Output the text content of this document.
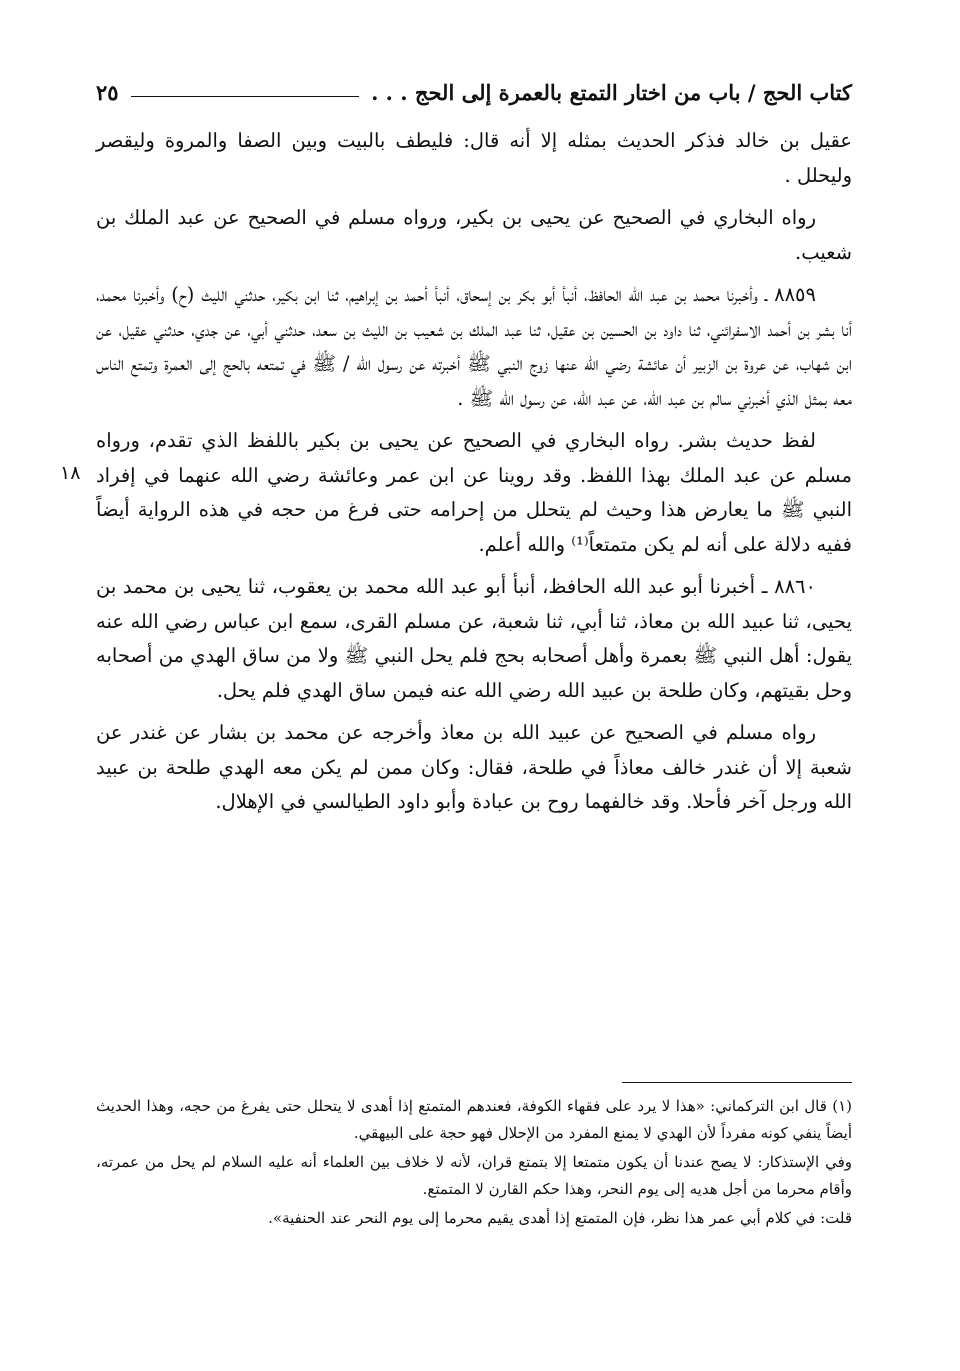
كتاب الحج / باب من اختار التمتع بالعمرة إلى الحج . . .
٢٥
١٨

عقيل بن خالد فذكر الحديث بمثله إلا أنه قال: فليطف بالبيت وبين الصفا والمروة وليقصر وليحلل .

رواه البخاري في الصحيح عن يحيى بن بكير، ورواه مسلم في الصحيح عن عبد الملك بن شعيب.

٨٨٥٩ ـ وأخبرنا محمد بن عبد الله الحافظ، أنبأ أبو بكر بن إسحاق، أنبأ أحمد بن إبراهيم، ثنا ابن بكير، حدثني الليث (ح) وأخبرنا محمد، أنا بشر بن أحمد الاسفرائني، ثنا داود بن الحسين بن عقيل، ثنا عبد الملك بن شعيب بن الليث بن سعد، حدثني أبي، عن جدي، حدثني عقيل، عن ابن شهاب، عن عروة بن الزبير أن عائشة رضي الله عنها زوج النبي ﷺ أخبرته عن رسول الله / ﷺ في تمتعه بالحج إلى العمرة وتمتع الناس معه بمثل الذي أخبرني سالم بن عبد الله، عن عبد الله، عن رسول الله ﷺ .

لفظ حديث بشر. رواه البخاري في الصحيح عن يحيى بن بكير باللفظ الذي تقدم، ورواه مسلم عن عبد الملك بهذا اللفظ. وقد روينا عن ابن عمر وعائشة رضي الله عنهما في إفراد النبي ﷺ ما يعارض هذا وحيث لم يتحلل من إحرامه حتى فرغ من حجه في هذه الرواية أيضاً ففيه دلالة على أنه لم يكن متمتعاً⁽¹⁾ والله أعلم.

٨٨٦٠ ـ أخبرنا أبو عبد الله الحافظ، أنبأ أبو عبد الله محمد بن يعقوب، ثنا يحيى بن محمد بن يحيى، ثنا عبيد الله بن معاذ، ثنا أبي، ثنا شعبة، عن مسلم القرى، سمع ابن عباس رضي الله عنه يقول: أهل النبي ﷺ بعمرة وأهل أصحابه بحج فلم يحل النبي ﷺ ولا من ساق الهدي من أصحابه وحل بقيتهم، وكان طلحة بن عبيد الله رضي الله عنه فيمن ساق الهدي فلم يحل.

رواه مسلم في الصحيح عن عبيد الله بن معاذ وأخرجه عن محمد بن بشار عن غندر عن شعبة إلا أن غندر خالف معاذاً في طلحة، فقال: وكان ممن لم يكن معه الهدي طلحة بن عبيد الله ورجل آخر فأحلا. وقد خالفهما روح بن عبادة وأبو داود الطيالسي في الإهلال.

(١) قال ابن التركماني: «هذا لا يرد على فقهاء الكوفة، فعندهم المتمتع إذا أهدى لا يتحلل حتى يفرغ من حجه، وهذا الحديث أيضاً ينفي كونه مفرداً لأن الهدي لا يمنع المفرد من الإحلال فهو حجة على البيهقي.

وفي الإستذكار: لا يصح عندنا أن يكون متمتعا إلا بتمتع قران، لأنه لا خلاف بين العلماء أنه عليه السلام لم يحل من عمرته، وأقام محرما من أجل هديه إلى يوم النحر، وهذا حكم القارن لا المتمتع.

قلت: في كلام أبي عمر هذا نظر، فإن المتمتع إذا أهدى يقيم محرما إلى يوم النحر عند الحنفية».
